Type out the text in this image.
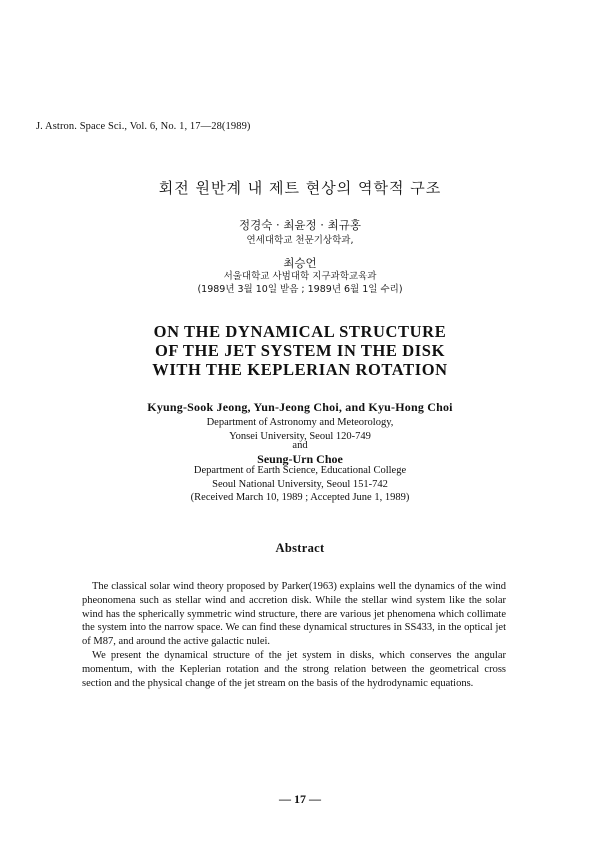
J. Astron. Space Sci., Vol. 6, No. 1, 17—28(1989)
회전 원반계 내 제트 현상의 역학적 구조
정경숙 · 최윤정 · 최규홍
연세대학교 천문기상학과,
최승언
서울대학교 사범대학 지구과학교육과
(1989년 3월 10일 받음 ; 1989년 6월 1일 수리)
ON THE DYNAMICAL STRUCTURE
OF THE JET SYSTEM IN THE DISK
WITH THE KEPLERIAN ROTATION
Kyung-Sook Jeong, Yun-Jeong Choi, and Kyu-Hong Choi
Department of Astronomy and Meteorology,
Yonsei University, Seoul 120-749
and
Seung-Urn Choe
Department of Earth Science, Educational College
Seoul National University, Seoul 151-742
(Received March 10, 1989 ; Accepted June 1, 1989)
Abstract

The classical solar wind theory proposed by Parker(1963) explains well the dynamics of the wind pheonomena such as stellar wind and accretion disk. While the stellar wind system like the solar wind has the spherically symmetric wind structure, there are various jet phenomena which collimate the system into the narrow space. We can find these dynamical structures in SS433, in the optical jet of M87, and around the active galactic nulei.

We present the dynamical structure of the jet system in disks, which conserves the angular momentum, with the Keplerian rotation and the strong relation between the geometrical cross section and the physical change of the jet stream on the basis of the hydrodynamic equations.

— 17 —
